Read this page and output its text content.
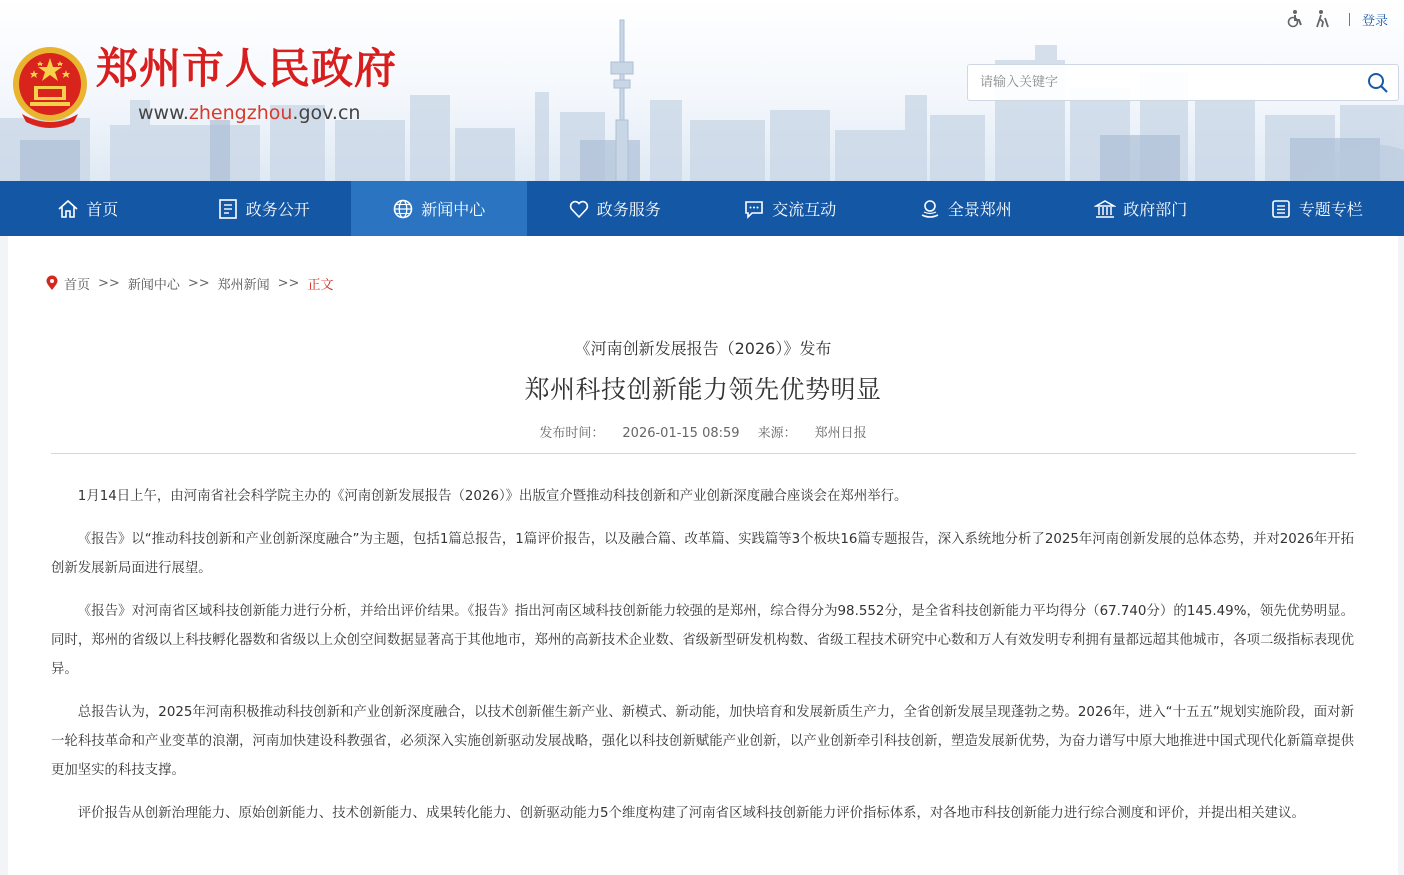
郑州市人民政府
www.zhengzhou.gov.cn
登录
请输入关键字
首页	政务公开	新闻中心	政务服务	交流互动	全景郑州	政府部门	专题专栏
首页 >> 新闻中心 >> 郑州新闻 >> 正文
《河南创新发展报告（2026）》发布
郑州科技创新能力领先优势明显
发布时间： 2026-01-15 08:59 来源： 郑州日报

1月14日上午，由河南省社会科学院主办的《河南创新发展报告（2026）》出版宣介暨推动科技创新和产业创新深度融合座谈会在郑州举行。

《报告》以“推动科技创新和产业创新深度融合”为主题，包括1篇总报告，1篇评价报告，以及融合篇、改革篇、实践篇等3个板块16篇专题报告，深入系统地分析了2025年河南创新发展的总体态势，并对2026年开拓创新发展新局面进行展望。

《报告》对河南省区域科技创新能力进行分析，并给出评价结果。《报告》指出河南区域科技创新能力较强的是郑州，综合得分为98.552分，是全省科技创新能力平均得分（67.740分）的145.49%，领先优势明显。同时，郑州的省级以上科技孵化器数和省级以上众创空间数据显著高于其他地市，郑州的高新技术企业数、省级新型研发机构数、省级工程技术研究中心数和万人有效发明专利拥有量都远超其他城市，各项二级指标表现优异。

总报告认为，2025年河南积极推动科技创新和产业创新深度融合，以技术创新催生新产业、新模式、新动能，加快培育和发展新质生产力，全省创新发展呈现蓬勃之势。2026年，进入“十五五”规划实施阶段，面对新一轮科技革命和产业变革的浪潮，河南加快建设科教强省，必须深入实施创新驱动发展战略，强化以科技创新赋能产业创新，以产业创新牵引科技创新，塑造发展新优势，为奋力谱写中原大地推进中国式现代化新篇章提供更加坚实的科技支撑。

评价报告从创新治理能力、原始创新能力、技术创新能力、成果转化能力、创新驱动能力5个维度构建了河南省区域科技创新能力评价指标体系，对各地市科技创新能力进行综合测度和评价，并提出相关建议。
